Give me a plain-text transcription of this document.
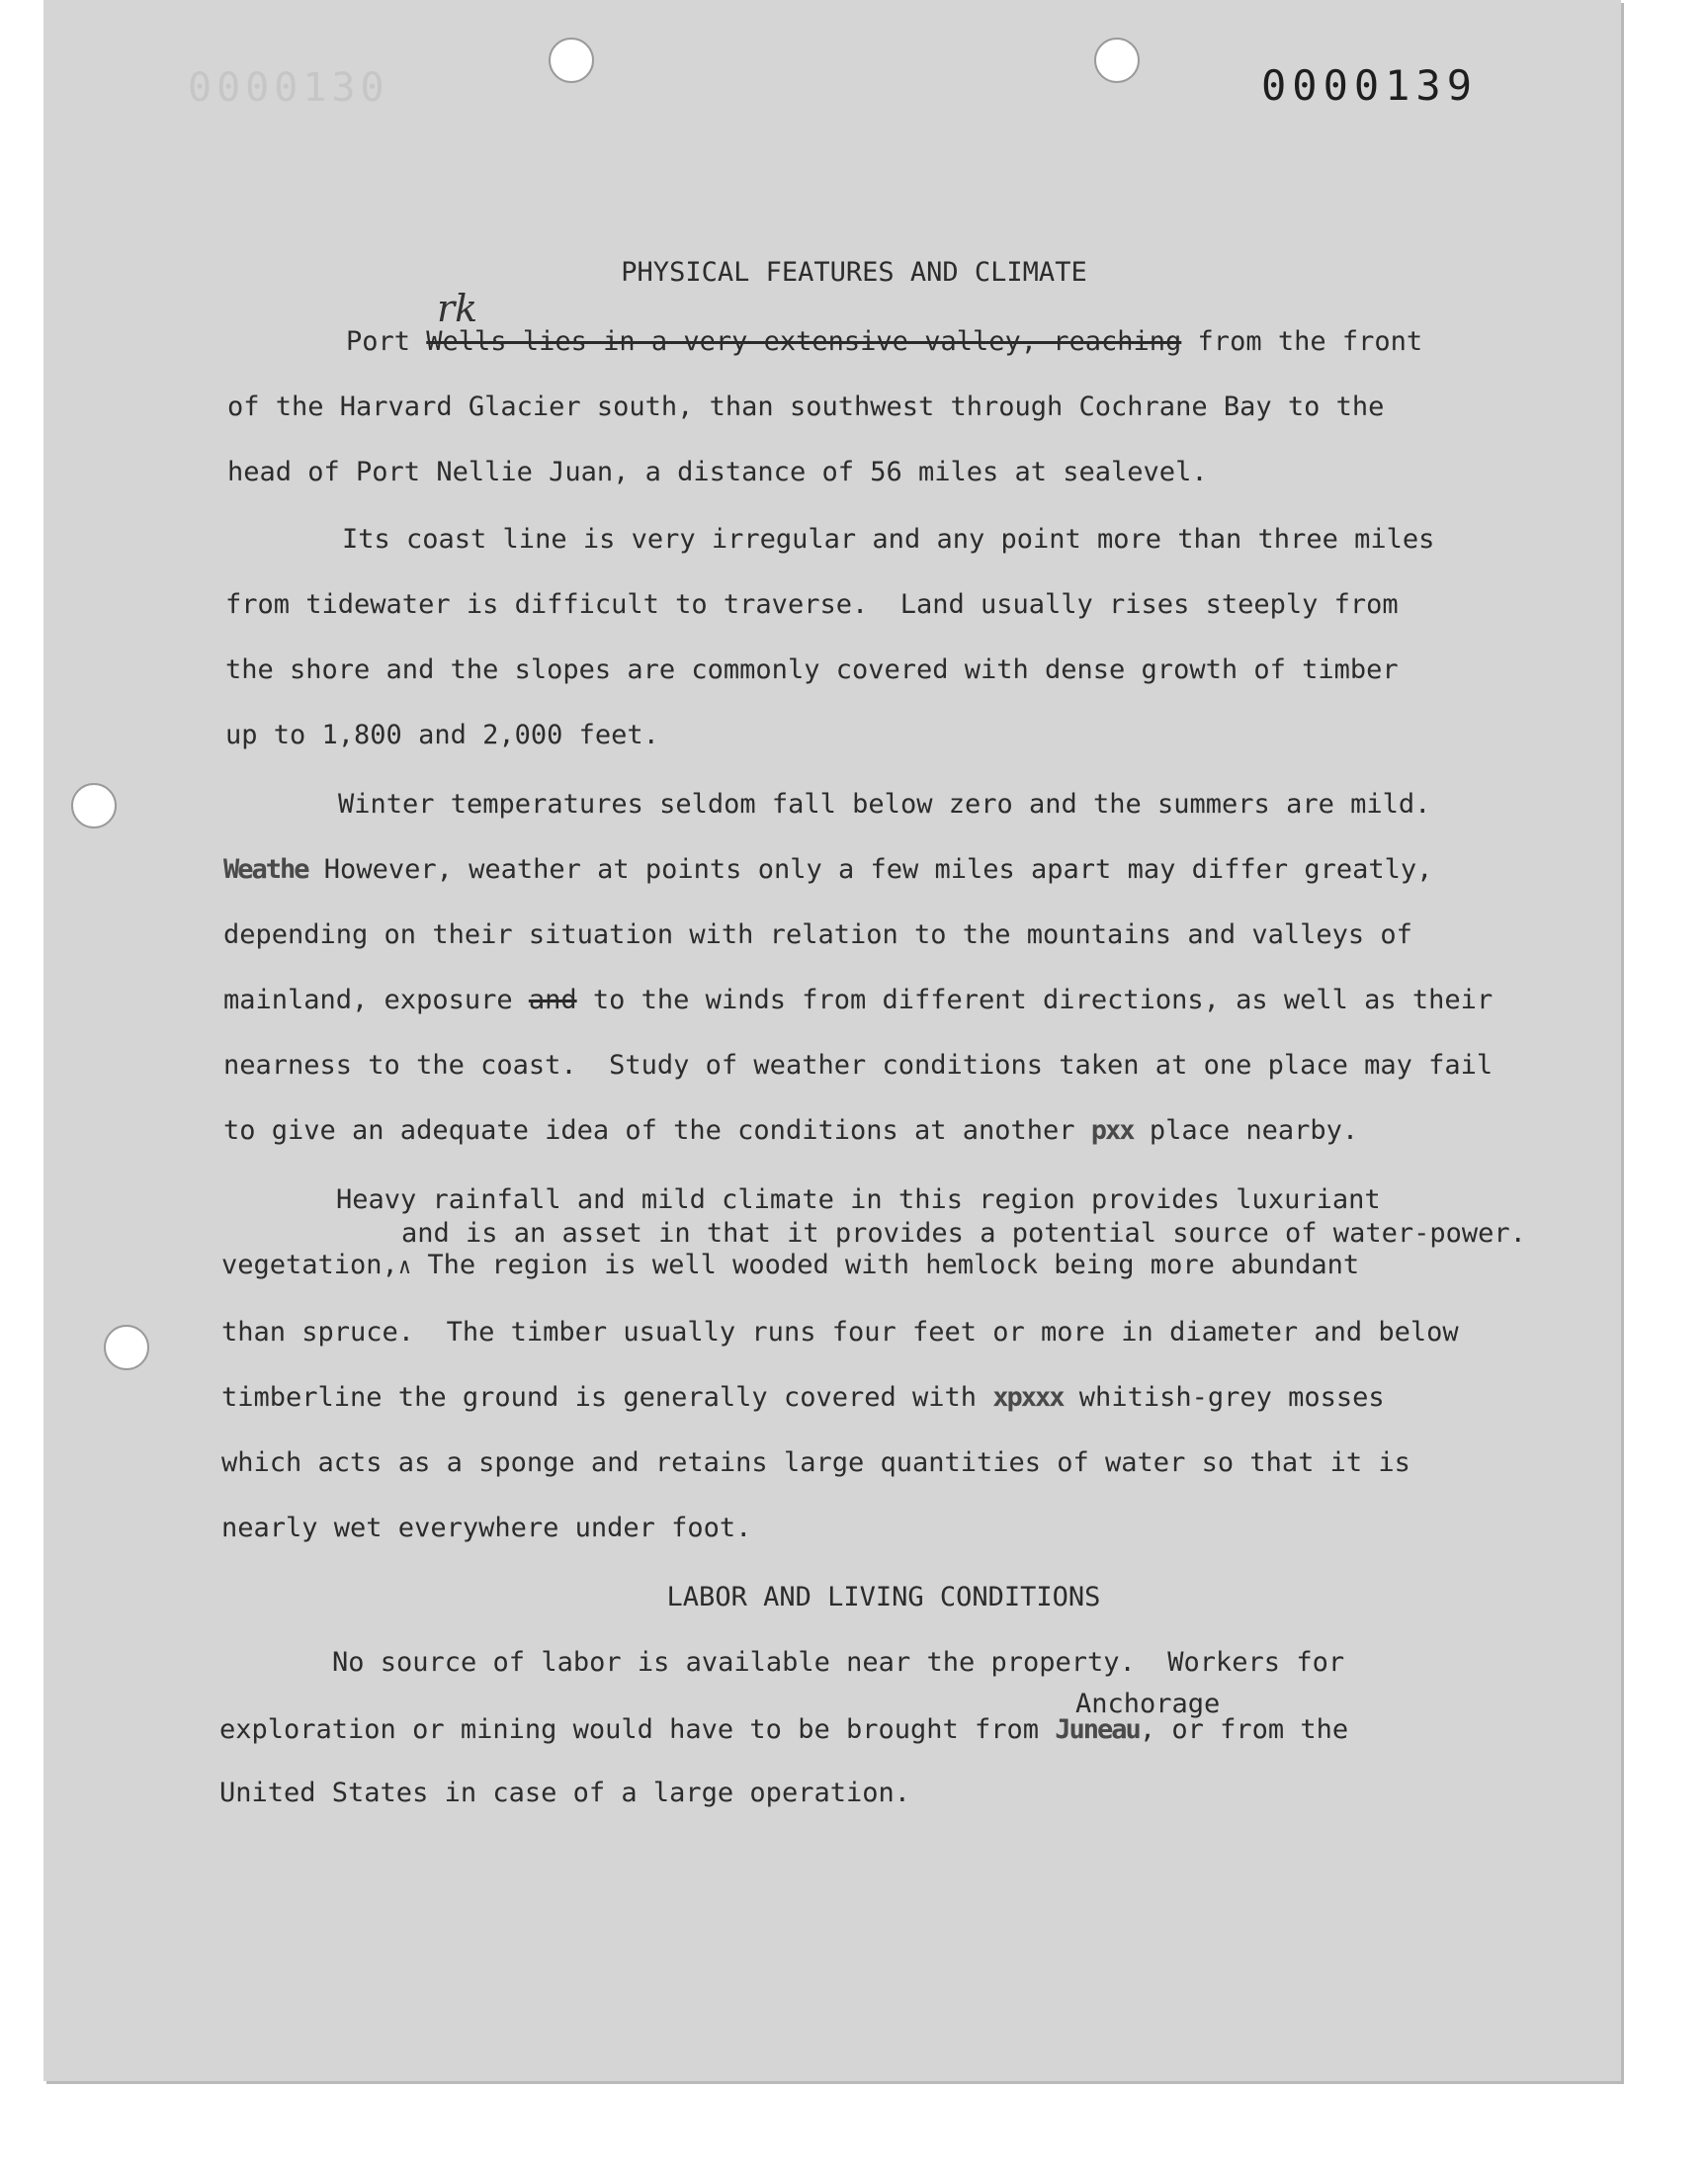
0000130	0000139
PHYSICAL FEATURES AND CLIMATE
rk
Port Wells lies in a very extensive valley, reaching from the front
of the Harvard Glacier south, than southwest through Cochrane Bay to the
head of Port Nellie Juan, a distance of 56 miles at sealevel.
Its coast line is very irregular and any point more than three miles
from tidewater is difficult to traverse.  Land usually rises steeply from
the shore and the slopes are commonly covered with dense growth of timber
up to 1,800 and 2,000 feet.
Winter temperatures seldom fall below zero and the summers are mild.
Weathe However, weather at points only a few miles apart may differ greatly,
depending on their situation with relation to the mountains and valleys of
mainland, exposure and to the winds from different directions, as well as their
nearness to the coast.  Study of weather conditions taken at one place may fail
to give an adequate idea of the conditions at another pxx place nearby.
Heavy rainfall and mild climate in this region provides luxuriant
and is an asset in that it provides a potential source of water-power.
vegetation,∧ The region is well wooded with hemlock being more abundant
than spruce.  The timber usually runs four feet or more in diameter and below
timberline the ground is generally covered with xpxxx whitish-grey mosses
which acts as a sponge and retains large quantities of water so that it is
nearly wet everywhere under foot.
LABOR AND LIVING CONDITIONS
No source of labor is available near the property.  Workers for
Anchorage
exploration or mining would have to be brought from Juneau, or from the
United States in case of a large operation.
